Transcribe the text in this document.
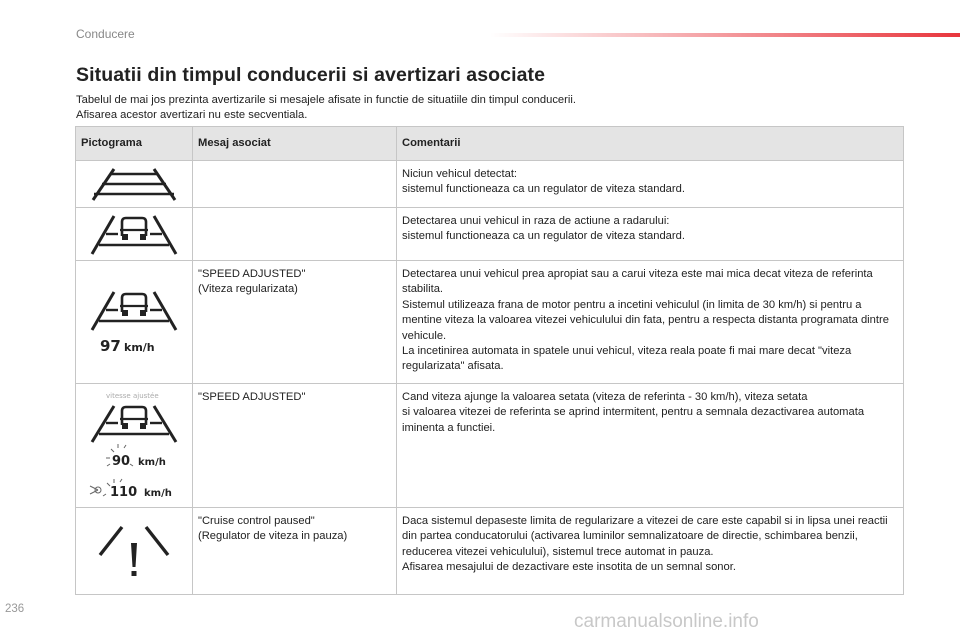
Conducere
Situatii din timpul conducerii si avertizari asociate
Tabelul de mai jos prezinta avertizarile si mesajele afisate in functie de situatiile din timpul conducerii.
Afisarea acestor avertizari nu este secventiala.
Pictograma	Mesaj asociat	Comentarii

		Niciun vehicul detectat:
sistemul functioneaza ca un regulator de viteza standard.

		Detectarea unui vehicul in raza de actiune a radarului:
sistemul functioneaza ca un regulator de viteza standard.

97 km/h	"SPEED ADJUSTED"
(Viteza regularizata)	Detectarea unui vehicul prea apropiat sau a carui viteza este mai mica decat viteza de referinta stabilita.
Sistemul utilizeaza frana de motor pentru a incetini vehiculul (in limita de 30 km/h) si pentru a mentine viteza la valoarea vitezei vehiculului din fata, pentru a respecta distanta programata dintre vehicule.
La incetinirea automata in spatele unui vehicul, viteza reala poate fi mai mare decat "viteza regularizata" afisata.

vitesse ajustée
90 km/h
110 km/h	"SPEED ADJUSTED"	Cand viteza ajunge la valoarea setata (viteza de referinta - 30 km/h), viteza setata
si valoarea vitezei de referinta se aprind intermitent, pentru a semnala dezactivarea automata iminenta a functiei.

	"Cruise control paused"
(Regulator de viteza in pauza)	Daca sistemul depaseste limita de regularizare a vitezei de care este capabil si in lipsa unei reactii din partea conducatorului (activarea luminilor semnalizatoare de directie, schimbarea benzii, reducerea vitezei vehiculului), sistemul trece automat in pauza.
Afisarea mesajului de dezactivare este insotita de un semnal sonor.
236
carmanualsonline.info
